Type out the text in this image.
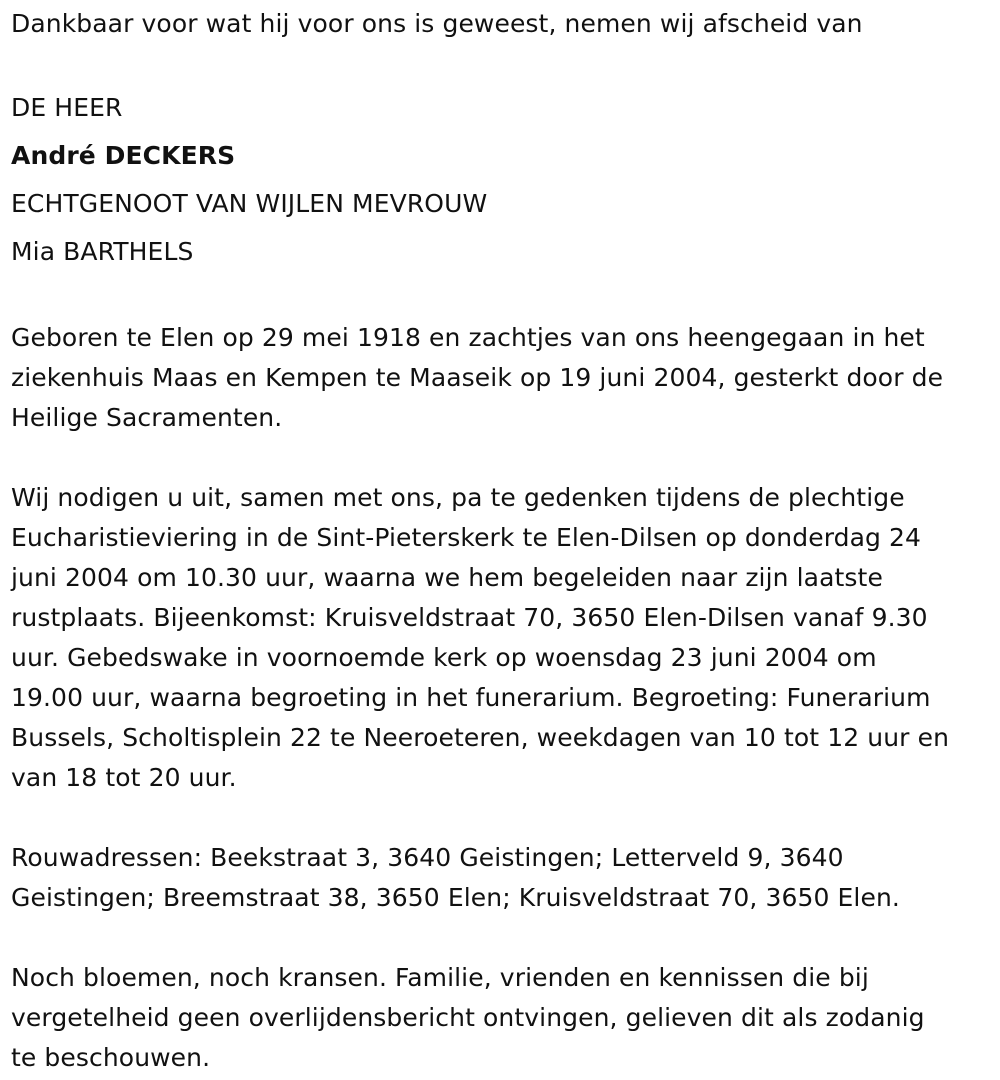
Dankbaar voor wat hij voor ons is geweest, nemen wij afscheid van
DE HEER
André DECKERS
ECHTGENOOT VAN WIJLEN MEVROUW
Mia BARTHELS
Geboren te Elen op 29 mei 1918 en zachtjes van ons heengegaan in het
ziekenhuis Maas en Kempen te Maaseik op 19 juni 2004, gesterkt door de
Heilige Sacramenten.
Wij nodigen u uit, samen met ons, pa te gedenken tijdens de plechtige
Eucharistieviering in de Sint-Pieterskerk te Elen-Dilsen op donderdag 24
juni 2004 om 10.30 uur, waarna we hem begeleiden naar zijn laatste
rustplaats. Bijeenkomst: Kruisveldstraat 70, 3650 Elen-Dilsen vanaf 9.30
uur. Gebedswake in voornoemde kerk op woensdag 23 juni 2004 om
19.00 uur, waarna begroeting in het funerarium. Begroeting: Funerarium
Bussels, Scholtisplein 22 te Neeroeteren, weekdagen van 10 tot 12 uur en
van 18 tot 20 uur.
Rouwadressen: Beekstraat 3, 3640 Geistingen; Letterveld 9, 3640
Geistingen; Breemstraat 38, 3650 Elen; Kruisveldstraat 70, 3650 Elen.
Noch bloemen, noch kransen. Familie, vrienden en kennissen die bij
vergetelheid geen overlijdensbericht ontvingen, gelieven dit als zodanig
te beschouwen.
